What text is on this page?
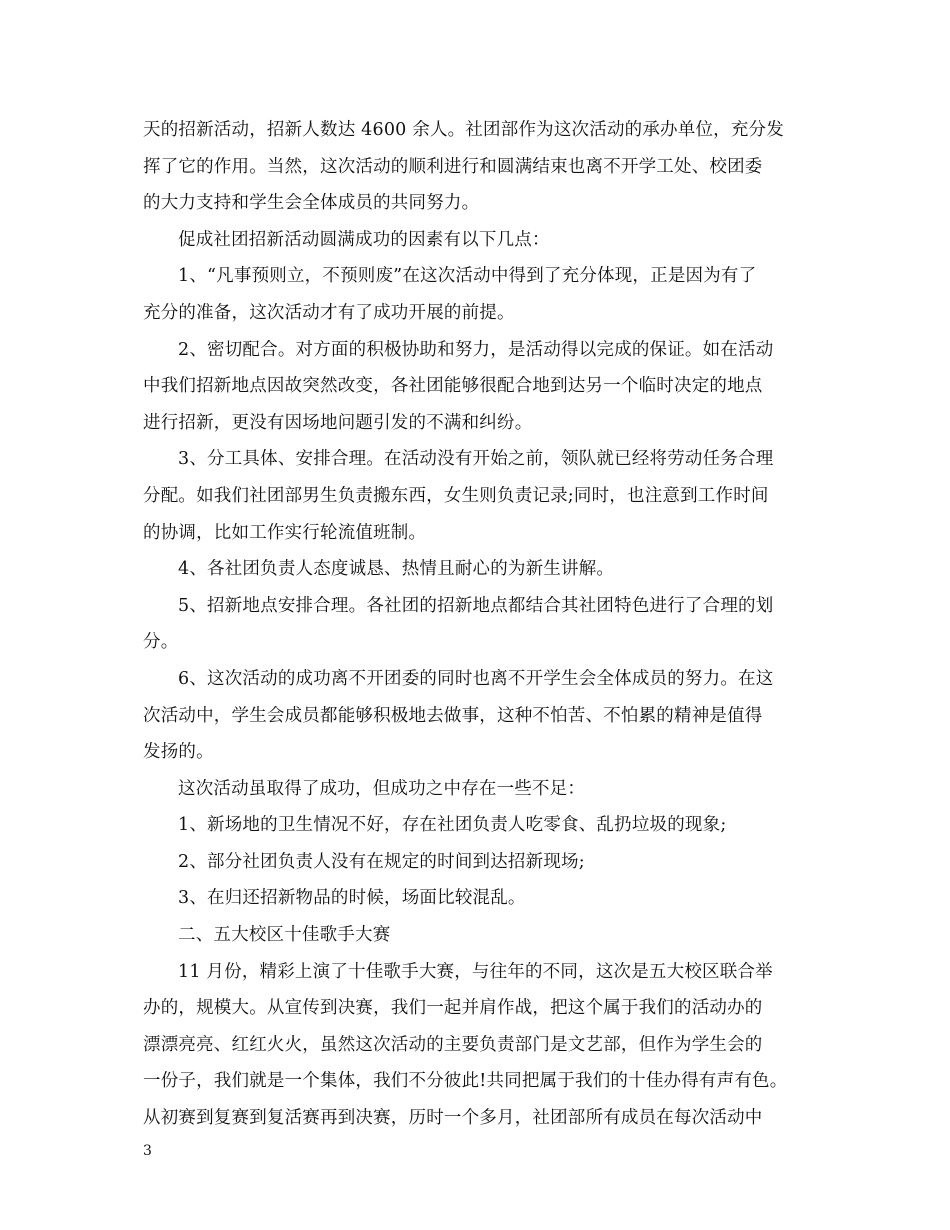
天的招新活动，招新人数达 4600 余人。社团部作为这次活动的承办单位，充分发
挥了它的作用。当然，这次活动的顺利进行和圆满结束也离不开学工处、校团委
的大力支持和学生会全体成员的共同努力。
促成社团招新活动圆满成功的因素有以下几点：
1、“凡事预则立，不预则废”在这次活动中得到了充分体现，正是因为有了
充分的准备，这次活动才有了成功开展的前提。
2、密切配合。对方面的积极协助和努力，是活动得以完成的保证。如在活动
中我们招新地点因故突然改变，各社团能够很配合地到达另一个临时决定的地点
进行招新，更没有因场地问题引发的不满和纠纷。
3、分工具体、安排合理。在活动没有开始之前，领队就已经将劳动任务合理
分配。如我们社团部男生负责搬东西，女生则负责记录;同时，也注意到工作时间
的协调，比如工作实行轮流值班制。
4、各社团负责人态度诚恳、热情且耐心的为新生讲解。
5、招新地点安排合理。各社团的招新地点都结合其社团特色进行了合理的划
分。
6、这次活动的成功离不开团委的同时也离不开学生会全体成员的努力。在这
次活动中，学生会成员都能够积极地去做事，这种不怕苦、不怕累的精神是值得
发扬的。
这次活动虽取得了成功，但成功之中存在一些不足：
1、新场地的卫生情况不好，存在社团负责人吃零食、乱扔垃圾的现象;
2、部分社团负责人没有在规定的时间到达招新现场;
3、在归还招新物品的时候，场面比较混乱。
二、五大校区十佳歌手大赛
11 月份，精彩上演了十佳歌手大赛，与往年的不同，这次是五大校区联合举
办的，规模大。从宣传到决赛，我们一起并肩作战，把这个属于我们的活动办的
漂漂亮亮、红红火火，虽然这次活动的主要负责部门是文艺部，但作为学生会的
一份子，我们就是一个集体，我们不分彼此!共同把属于我们的十佳办得有声有色。
从初赛到复赛到复活赛再到决赛，历时一个多月，社团部所有成员在每次活动中
3
